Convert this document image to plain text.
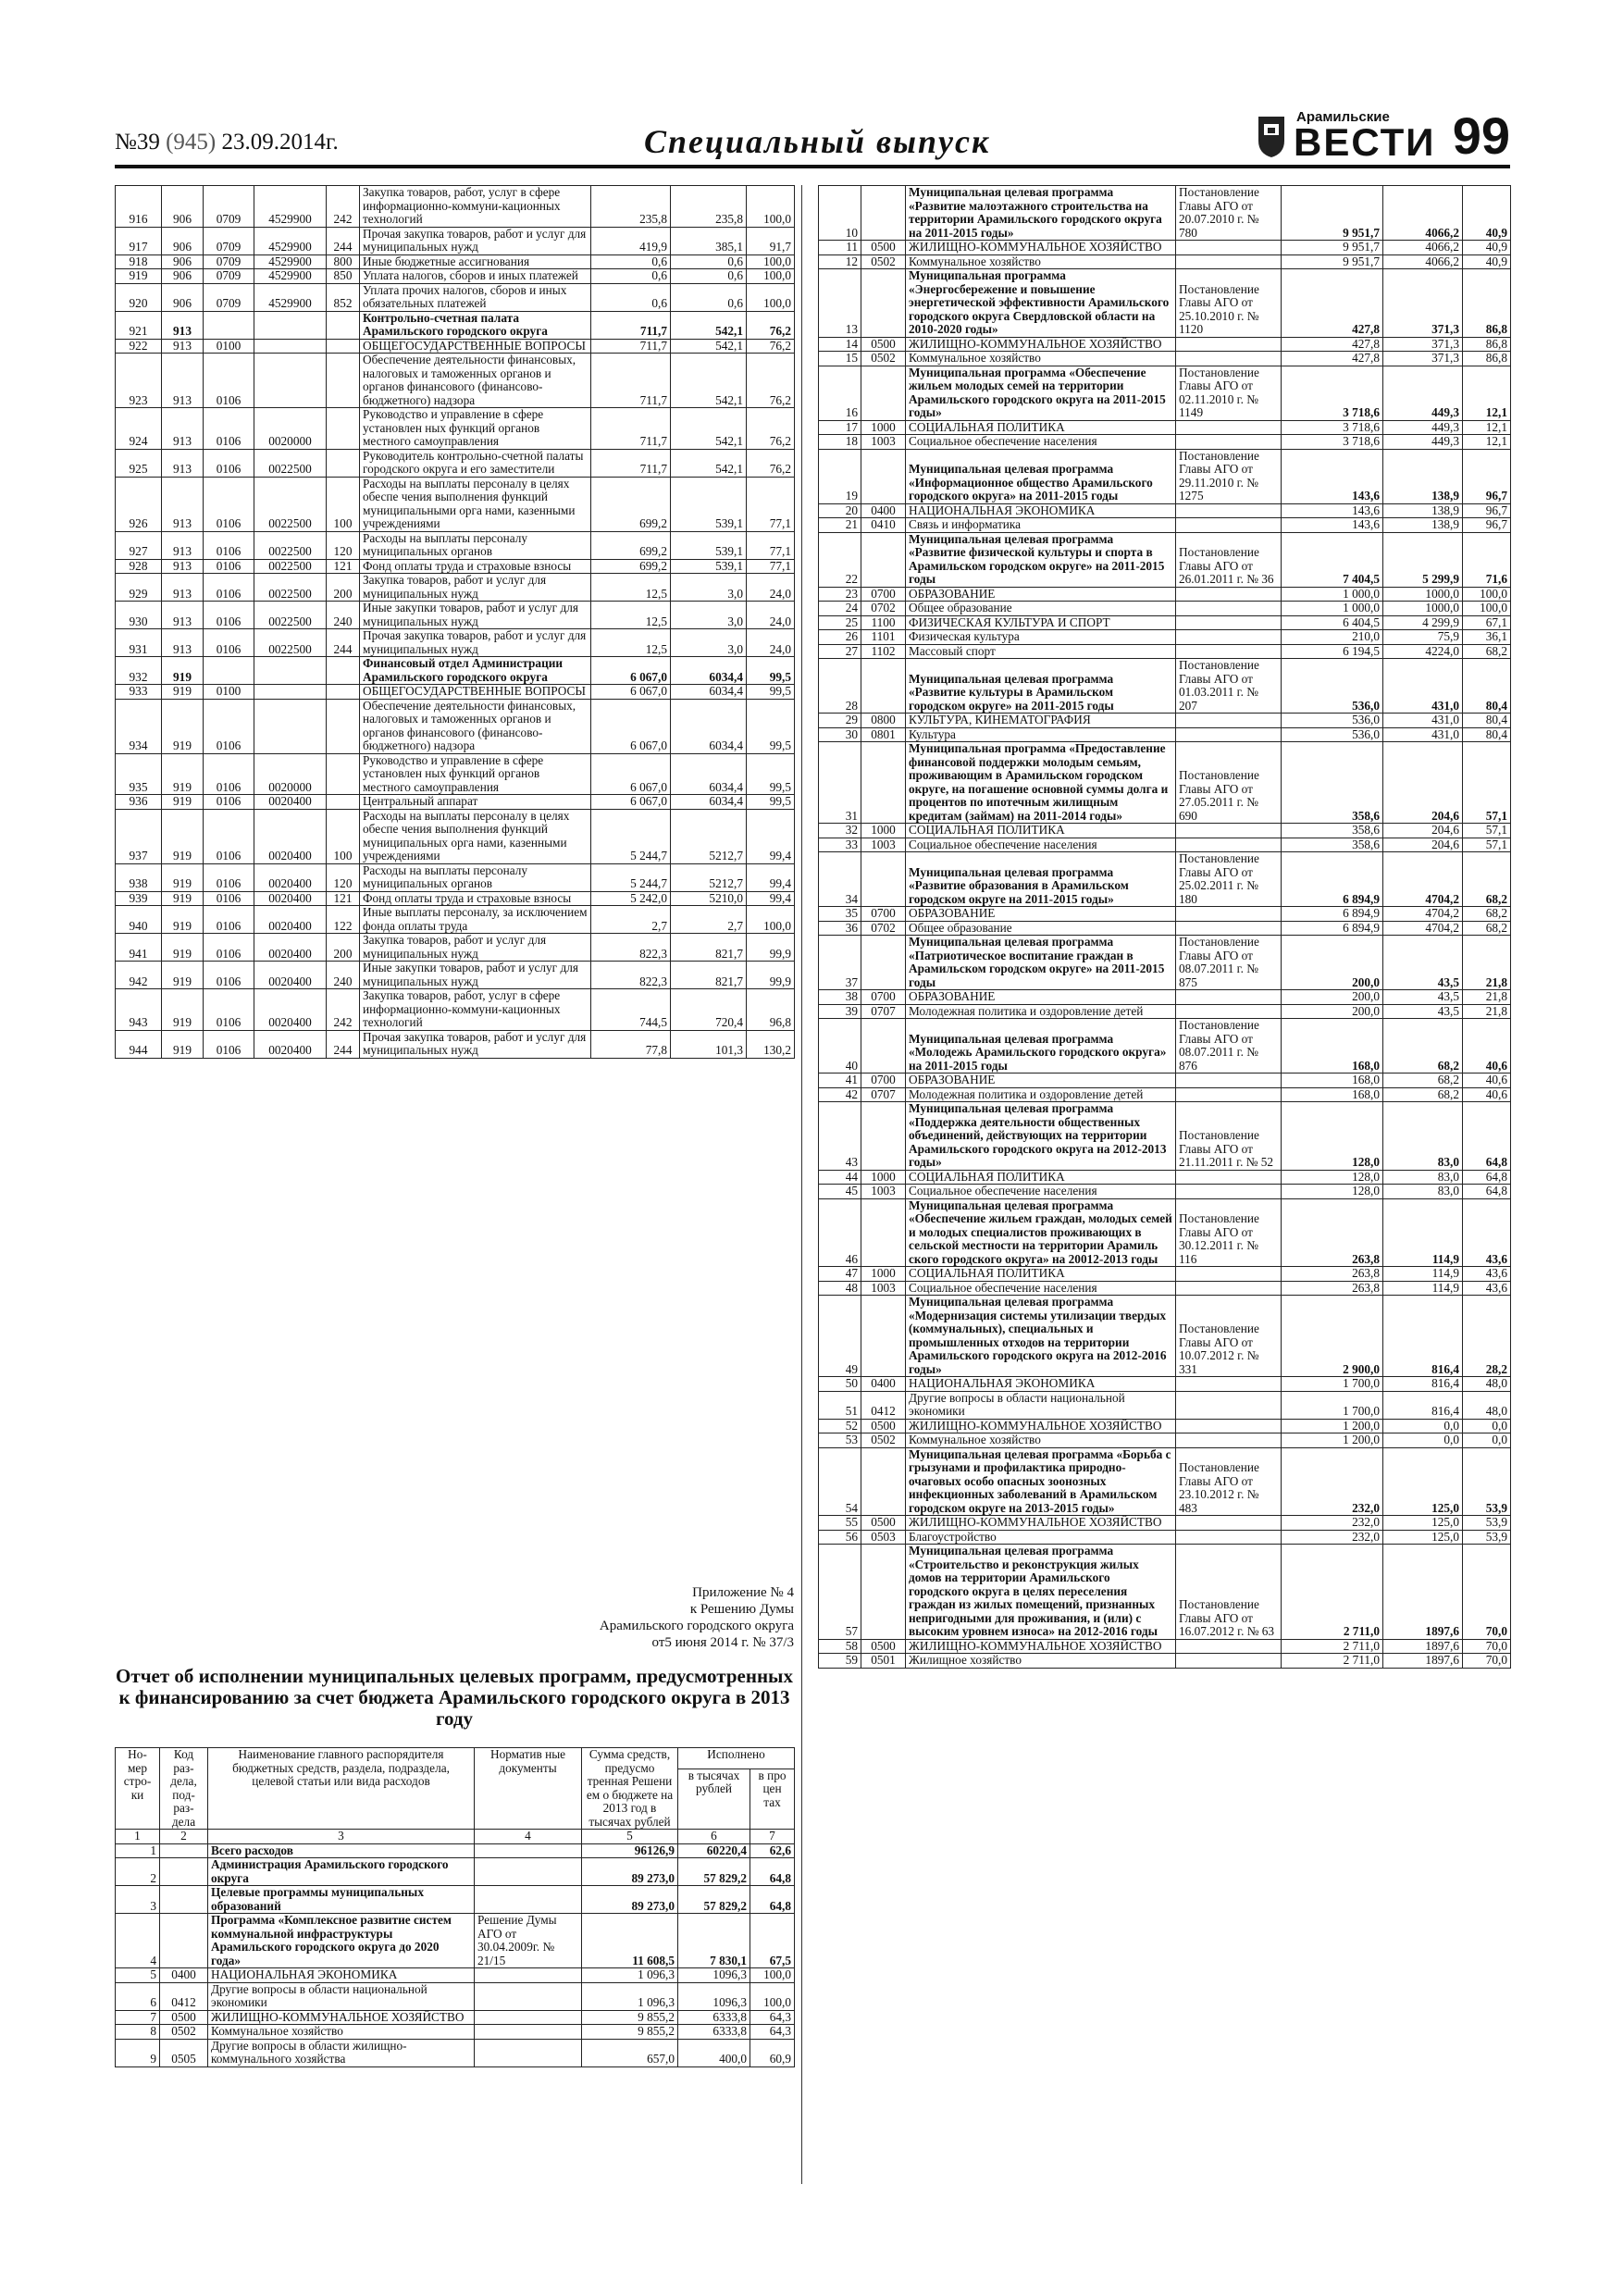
№39 (945) 23.09.2014г.	Специальный выпуск
Арамильские
ВЕСТИ 99
916	906	0709	4529900	242	Закупка товаров, работ, услуг в сфере информационно-коммуни-кационных технологий	235,8	235,8	100,0
917	906	0709	4529900	244	Прочая закупка товаров, работ и услуг для муниципальных нужд	419,9	385,1	91,7
918	906	0709	4529900	800	Иные бюджетные ассигнования	0,6	0,6	100,0
919	906	0709	4529900	850	Уплата налогов, сборов и иных платежей	0,6	0,6	100,0
920	906	0709	4529900	852	Уплата прочих налогов, сборов и иных обязательных платежей	0,6	0,6	100,0
921	913				Контрольно-счетная палата Арамильского городского округа	711,7	542,1	76,2
922	913	0100			ОБЩЕГОСУДАРСТВЕННЫЕ ВОПРОСЫ	711,7	542,1	76,2
923	913	0106			Обеспечение деятельности финансовых, налоговых и таможенных органов и органов финансового (финансово-бюджетного) надзора	711,7	542,1	76,2
924	913	0106	0020000		Руководство и управление в сфере установлен ных функций органов местного самоуправления	711,7	542,1	76,2
925	913	0106	0022500		Руководитель контрольно-счетной палаты городского округа и его заместители	711,7	542,1	76,2
926	913	0106	0022500	100	Расходы на выплаты персоналу в целях обеспе чения выполнения функций муниципальными орга нами, казенными учреждениями	699,2	539,1	77,1
927	913	0106	0022500	120	Расходы на выплаты персоналу муниципальных органов	699,2	539,1	77,1
928	913	0106	0022500	121	Фонд оплаты труда и страховые взносы	699,2	539,1	77,1
929	913	0106	0022500	200	Закупка товаров, работ и услуг для муниципальных нужд	12,5	3,0	24,0
930	913	0106	0022500	240	Иные закупки товаров, работ и услуг для муниципальных нужд	12,5	3,0	24,0
931	913	0106	0022500	244	Прочая закупка товаров, работ и услуг для муниципальных нужд	12,5	3,0	24,0
932	919				Финансовый отдел Администрации Арамильского городского округа	6 067,0	6034,4	99,5
933	919	0100			ОБЩЕГОСУДАРСТВЕННЫЕ ВОПРОСЫ	6 067,0	6034,4	99,5
934	919	0106			Обеспечение деятельности финансовых, налоговых и таможенных органов и органов финансового (финансово-бюджетного) надзора	6 067,0	6034,4	99,5
935	919	0106	0020000		Руководство и управление в сфере установлен ных функций органов местного самоуправления	6 067,0	6034,4	99,5
936	919	0106	0020400		Центральный аппарат	6 067,0	6034,4	99,5
937	919	0106	0020400	100	Расходы на выплаты персоналу в целях обеспе чения выполнения функций муниципальных орга нами, казенными учреждениями	5 244,7	5212,7	99,4
938	919	0106	0020400	120	Расходы на выплаты персоналу муниципальных органов	5 244,7	5212,7	99,4
939	919	0106	0020400	121	Фонд оплаты труда и страховые взносы	5 242,0	5210,0	99,4
940	919	0106	0020400	122	Иные выплаты персоналу, за исключением фонда оплаты труда	2,7	2,7	100,0
941	919	0106	0020400	200	Закупка товаров, работ и услуг для муниципальных нужд	822,3	821,7	99,9
942	919	0106	0020400	240	Иные закупки товаров, работ и услуг для муниципальных нужд	822,3	821,7	99,9
943	919	0106	0020400	242	Закупка товаров, работ, услуг в сфере информационно-коммуни-кационных технологий	744,5	720,4	96,8
944	919	0106	0020400	244	Прочая закупка товаров, работ и услуг для муниципальных нужд	77,8	101,3	130,2
Приложение № 4
к Решению Думы
Арамильского городского округа
от5 июня 2014 г. № 37/3
Отчет об исполнении муниципальных целевых программ, предусмотренных к финансированию за счет бюджета Арамильского городского округа в 2013 году
Но-мер стро-ки	Код раз-дела, под-раз-дела	Наименование главного распорядителя бюджетных средств, раздела, подраздела, целевой статьи или вида расходов	Норматив ные документы	Сумма средств, предусмо тренная Решени ем о бюджете на 2013 год в тысячах рублей	Исполнено	
					в тысячах рублей	в про цен тах
1	2	3	4	5	6	7
1		Всего расходов		96126,9	60220,4	62,6
2		Администрация Арамильского городского округа		89 273,0	57 829,2	64,8
3		Целевые программы муниципальных образований		89 273,0	57 829,2	64,8
4		Программа «Комплексное развитие систем коммунальной инфраструктуры Арамильского городского округа до 2020 года»	Решение Думы АГО от 30.04.2009г. № 21/15	11 608,5	7 830,1	67,5
5	0400	НАЦИОНАЛЬНАЯ ЭКОНОМИКА		1 096,3	1096,3	100,0
6	0412	Другие вопросы в области национальной экономики		1 096,3	1096,3	100,0
7	0500	ЖИЛИЩНО-КОММУНАЛЬНОЕ ХОЗЯЙСТВО		9 855,2	6333,8	64,3
8	0502	Коммунальное хозяйство		9 855,2	6333,8	64,3
9	0505	Другие вопросы в области жилищно-коммунального хозяйства		657,0	400,0	60,9
10		Муниципальная целевая программа «Развитие малоэтажного строительства на территории Арамильского городского округа на 2011-2015 годы»	Постановление Главы АГО от 20.07.2010 г. № 780	9 951,7	4066,2	40,9
11	0500	ЖИЛИЩНО-КОММУНАЛЬНОЕ ХОЗЯЙСТВО		9 951,7	4066,2	40,9
12	0502	Коммунальное хозяйство		9 951,7	4066,2	40,9
13		Муниципальная программа «Энергосбережение и повышение энергетической эффективности Арамильского городского округа Свердловской области на 2010-2020 годы»	Постановление Главы АГО от 25.10.2010 г. № 1120	427,8	371,3	86,8
14	0500	ЖИЛИЩНО-КОММУНАЛЬНОЕ ХОЗЯЙСТВО		427,8	371,3	86,8
15	0502	Коммунальное хозяйство		427,8	371,3	86,8
16		Муниципальная программа «Обеспечение жильем молодых семей на территории Арамильского городского округа на 2011-2015 годы»	Постановление Главы АГО от 02.11.2010 г. № 1149	3 718,6	449,3	12,1
17	1000	СОЦИАЛЬНАЯ ПОЛИТИКА		3 718,6	449,3	12,1
18	1003	Социальное обеспечение населения		3 718,6	449,3	12,1
19		Муниципальная целевая программа «Информационное общество Арамильского городского округа» на 2011-2015 годы	Постановление Главы АГО от 29.11.2010 г. № 1275	143,6	138,9	96,7
20	0400	НАЦИОНАЛЬНАЯ ЭКОНОМИКА		143,6	138,9	96,7
21	0410	Связь и информатика		143,6	138,9	96,7
22		Муниципальная целевая программа «Развитие физической культуры и спорта в Арамильском городском округе» на 2011-2015 годы	Постановление Главы АГО от 26.01.2011 г. № 36	7 404,5	5 299,9	71,6
23	0700	ОБРАЗОВАНИЕ		1 000,0	1000,0	100,0
24	0702	Общее образование		1 000,0	1000,0	100,0
25	1100	ФИЗИЧЕСКАЯ КУЛЬТУРА И СПОРТ		6 404,5	4 299,9	67,1
26	1101	Физическая культура		210,0	75,9	36,1
27	1102	Массовый спорт		6 194,5	4224,0	68,2
28		Муниципальная целевая программа «Развитие культуры в Арамильском городском округе» на 2011-2015 годы	Постановление Главы АГО от 01.03.2011 г. № 207	536,0	431,0	80,4
29	0800	КУЛЬТУРА, КИНЕМАТОГРАФИЯ		536,0	431,0	80,4
30	0801	Культура		536,0	431,0	80,4
31		Муниципальная программа «Предоставление финансовой поддержки молодым семьям, проживающим в Арамильском городском округе, на погашение основной суммы долга и процентов по ипотечным жилищным кредитам (займам) на 2011-2014 годы»	Постановление Главы АГО от 27.05.2011 г. № 690	358,6	204,6	57,1
32	1000	СОЦИАЛЬНАЯ ПОЛИТИКА		358,6	204,6	57,1
33	1003	Социальное обеспечение населения		358,6	204,6	57,1
34		Муниципальная целевая программа «Развитие образования в Арамильском городском округе на 2011-2015 годы»	Постановление Главы АГО от 25.02.2011 г. № 180	6 894,9	4704,2	68,2
35	0700	ОБРАЗОВАНИЕ		6 894,9	4704,2	68,2
36	0702	Общее образование		6 894,9	4704,2	68,2
37		Муниципальная целевая программа «Патриотическое воспитание граждан в Арамильском городском округе» на 2011-2015 годы	Постановление Главы АГО от 08.07.2011 г. № 875	200,0	43,5	21,8
38	0700	ОБРАЗОВАНИЕ		200,0	43,5	21,8
39	0707	Молодежная политика и оздоровление детей		200,0	43,5	21,8
40		Муниципальная целевая программа «Молодежь Арамильского городского округа» на 2011-2015 годы	Постановление Главы АГО от 08.07.2011 г. № 876	168,0	68,2	40,6
41	0700	ОБРАЗОВАНИЕ		168,0	68,2	40,6
42	0707	Молодежная политика и оздоровление детей		168,0	68,2	40,6
43		Муниципальная целевая программа «Поддержка деятельности общественных объединений, действующих на территории Арамильского городского округа на 2012-2013 годы»	Постановление Главы АГО от 21.11.2011 г. № 52	128,0	83,0	64,8
44	1000	СОЦИАЛЬНАЯ ПОЛИТИКА		128,0	83,0	64,8
45	1003	Социальное обеспечение населения		128,0	83,0	64,8
46		Муниципальная целевая программа «Обеспечение жильем граждан, молодых семей и молодых специалистов проживающих в сельской местности на территории Арамиль ского городского округа» на 20012-2013 годы	Постановление Главы АГО от 30.12.2011 г. № 116	263,8	114,9	43,6
47	1000	СОЦИАЛЬНАЯ ПОЛИТИКА		263,8	114,9	43,6
48	1003	Социальное обеспечение населения		263,8	114,9	43,6
49		Муниципальная целевая программа «Модернизация системы утилизации твердых (коммунальных), специальных и промышленных отходов на территории Арамильского городского округа на 2012-2016 годы»	Постановление Главы АГО от 10.07.2012 г. № 331	2 900,0	816,4	28,2
50	0400	НАЦИОНАЛЬНАЯ ЭКОНОМИКА		1 700,0	816,4	48,0
51	0412	Другие вопросы в области национальной экономики		1 700,0	816,4	48,0
52	0500	ЖИЛИЩНО-КОММУНАЛЬНОЕ ХОЗЯЙСТВО		1 200,0	0,0	0,0
53	0502	Коммунальное хозяйство		1 200,0	0,0	0,0
54		Муниципальная целевая программа «Борьба с грызунами и профилактика природно-очаговых особо опасных зоонозных инфекционных заболеваний в Арамильском городском округе на 2013-2015 годы»	Постановление Главы АГО от 23.10.2012 г. № 483	232,0	125,0	53,9
55	0500	ЖИЛИЩНО-КОММУНАЛЬНОЕ ХОЗЯЙСТВО		232,0	125,0	53,9
56	0503	Благоустройство		232,0	125,0	53,9
57		Муниципальная целевая программа «Строительство и реконструкция жилых домов на территории Арамильского городского округа в целях переселения граждан из жилых помещений, признанных непригодными для проживания, и (или) с высоким уровнем износа» на 2012-2016 годы	Постановление Главы АГО от 16.07.2012 г. № 63	2 711,0	1897,6	70,0
58	0500	ЖИЛИЩНО-КОММУНАЛЬНОЕ ХОЗЯЙСТВО		2 711,0	1897,6	70,0
59	0501	Жилищное хозяйство		2 711,0	1897,6	70,0
